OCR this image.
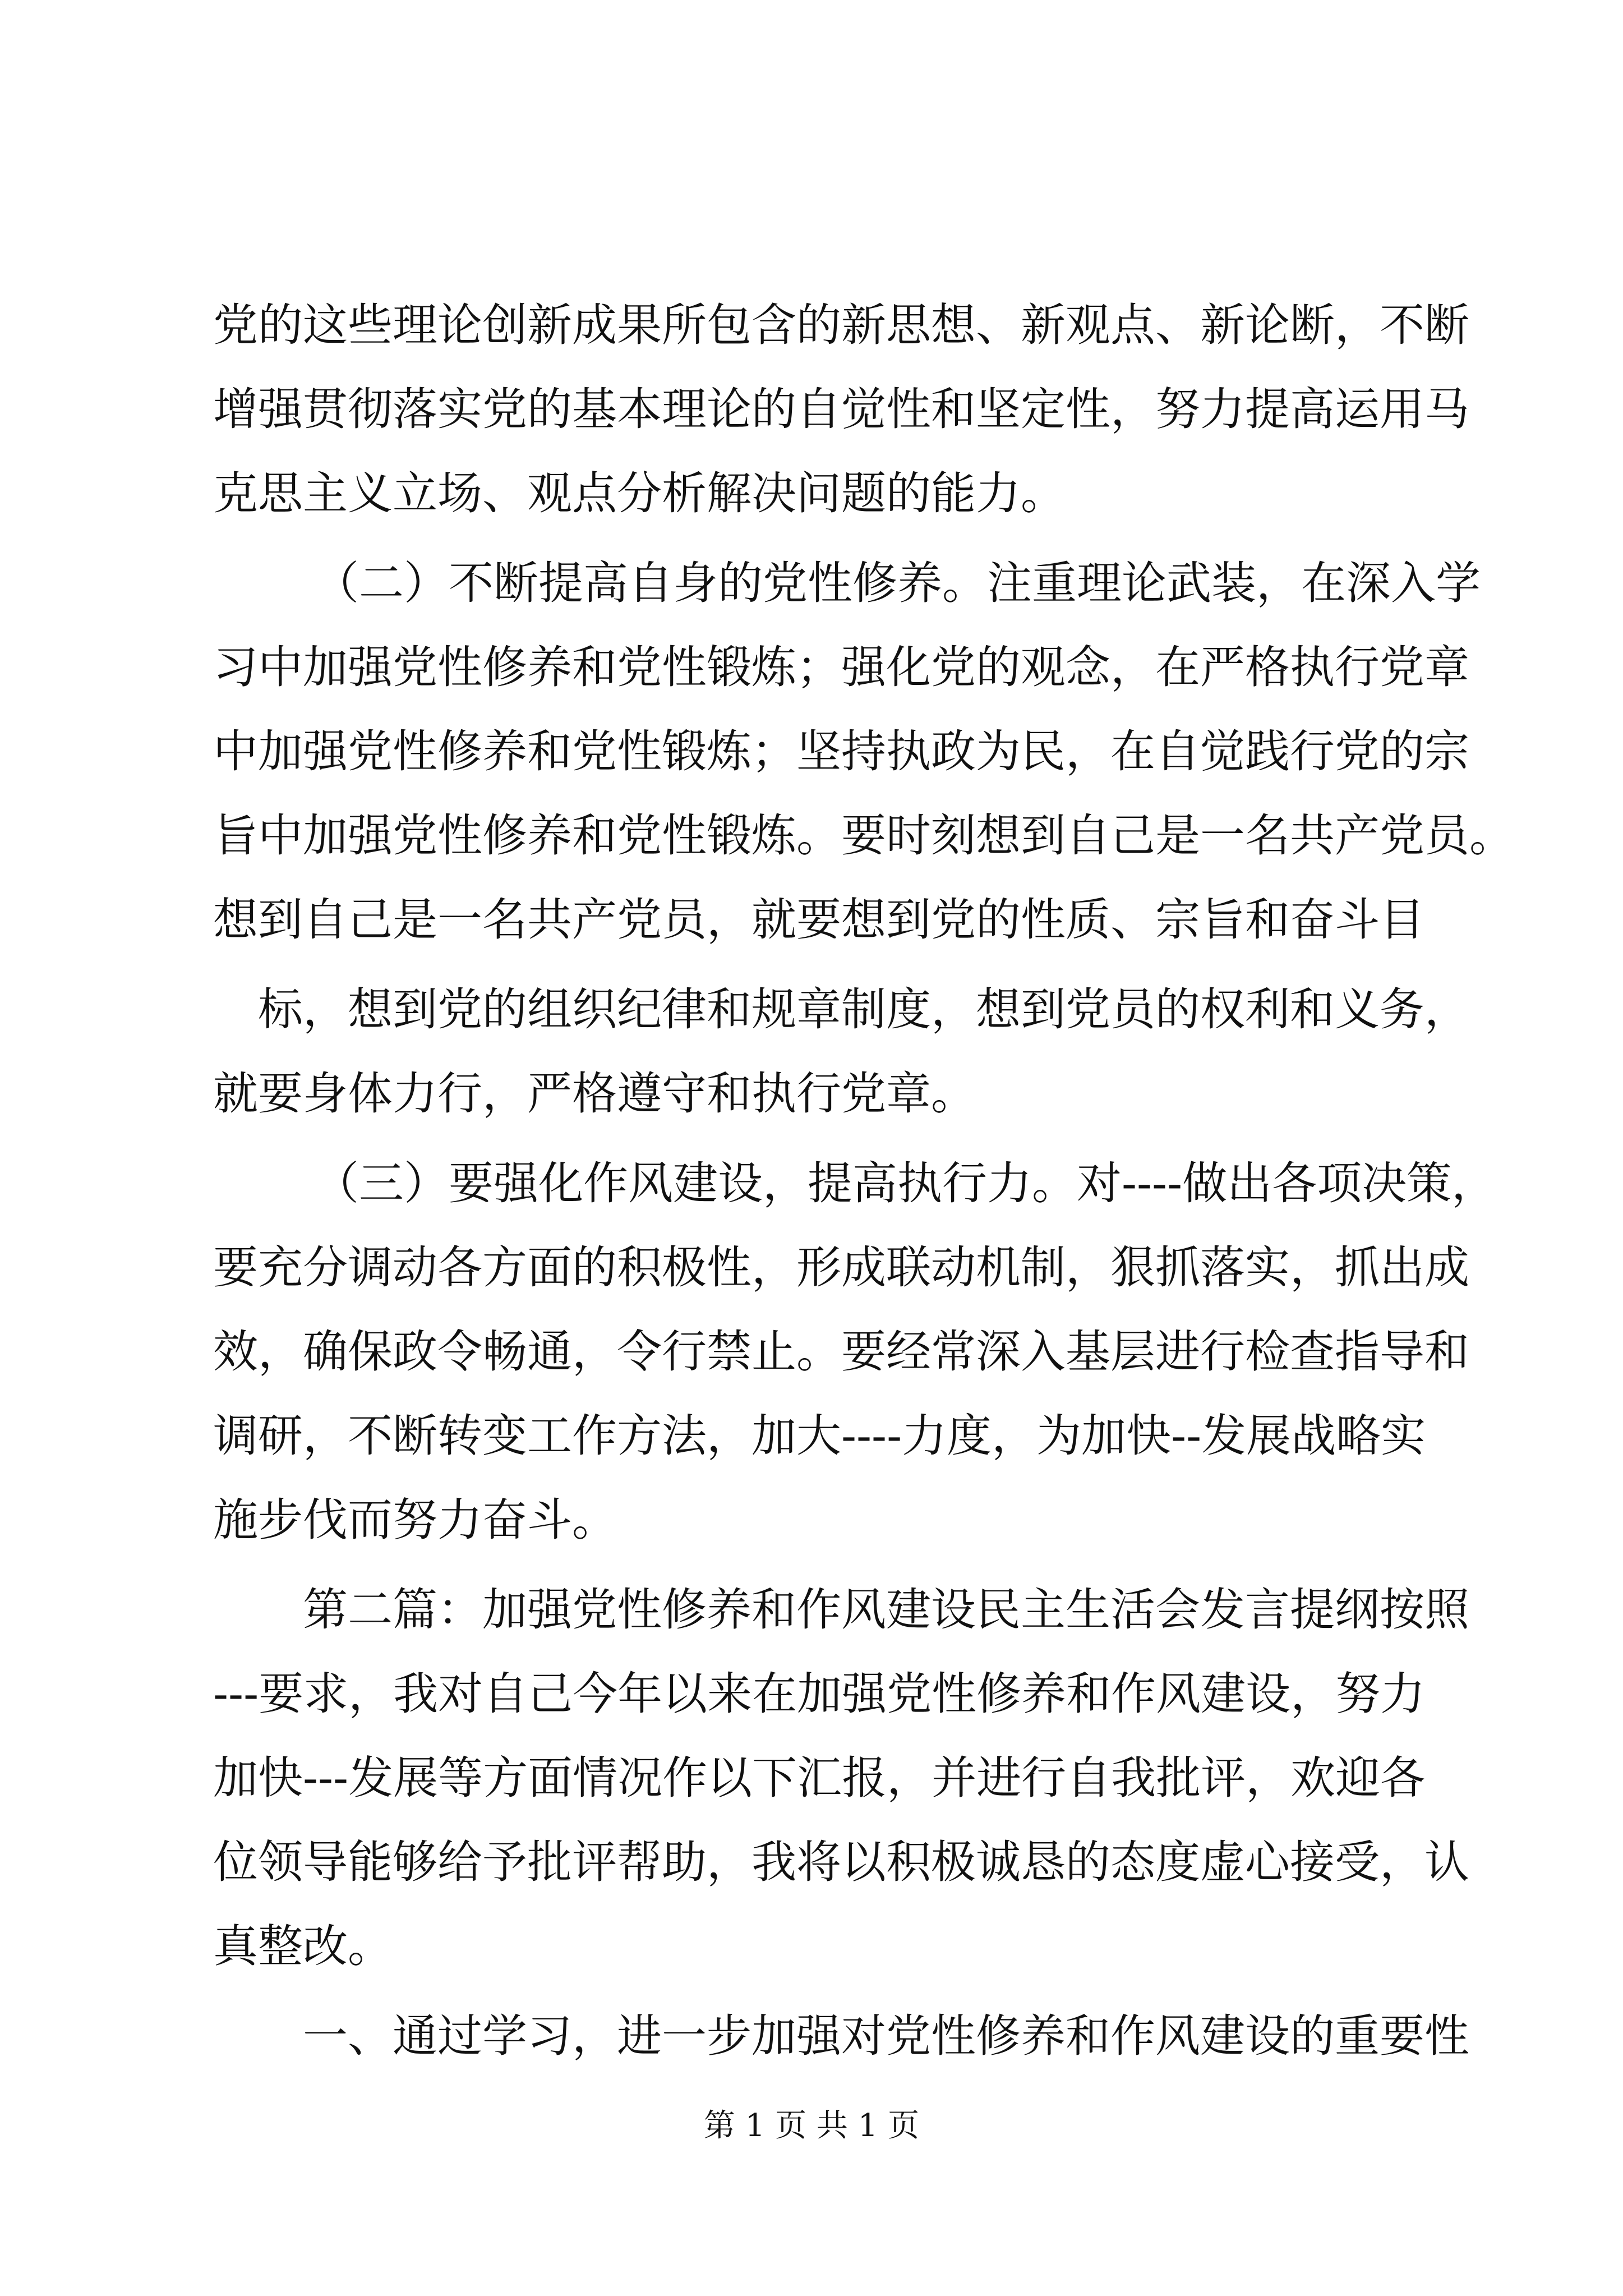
党的这些理论创新成果所包含的新思想、新观点、新论断，不断
增强贯彻落实党的基本理论的自觉性和坚定性，努力提高运用马
克思主义立场、观点分析解决问题的能力。
（二）不断提高自身的党性修养。注重理论武装，在深入学
习中加强党性修养和党性锻炼；强化党的观念，在严格执行党章
中加强党性修养和党性锻炼；坚持执政为民，在自觉践行党的宗
旨中加强党性修养和党性锻炼。要时刻想到自己是一名共产党员。
想到自己是一名共产党员，就要想到党的性质、宗旨和奋斗目
标，想到党的组织纪律和规章制度，想到党员的权利和义务，
就要身体力行，严格遵守和执行党章。
（三）要强化作风建设，提高执行力。对----做出各项决策，
要充分调动各方面的积极性，形成联动机制，狠抓落实，抓出成
效，确保政令畅通，令行禁止。要经常深入基层进行检查指导和
调研，不断转变工作方法，加大----力度，为加快--发展战略实
施步伐而努力奋斗。
第二篇：加强党性修养和作风建设民主生活会发言提纲按照
---要求，我对自己今年以来在加强党性修养和作风建设，努力
加快---发展等方面情况作以下汇报，并进行自我批评，欢迎各
位领导能够给予批评帮助，我将以积极诚恳的态度虚心接受，认
真整改。
一、通过学习，进一步加强对党性修养和作风建设的重要性
第 1 页 共 1 页
